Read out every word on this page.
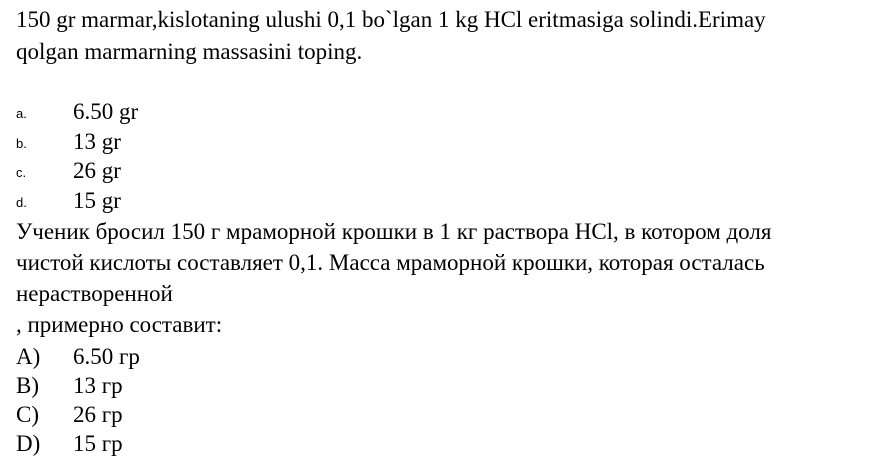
150 gr marmar,kislotaning ulushi 0,1 bo`lgan 1 kg HCl eritmasiga solindi.Erimay
qolgan marmarning massasini toping.
a. 6.50 gr
b. 13 gr
c. 26 gr
d. 15 gr
Ученик бросил 150 г мраморной крошки в 1 кг раствора HCl, в котором доля
чистой кислоты составляет 0,1. Масса мраморной крошки, которая осталась
нерастворенной
, примерно составит:
A) 6.50 гр
B) 13 гр
C) 26 гр
D) 15 гр
